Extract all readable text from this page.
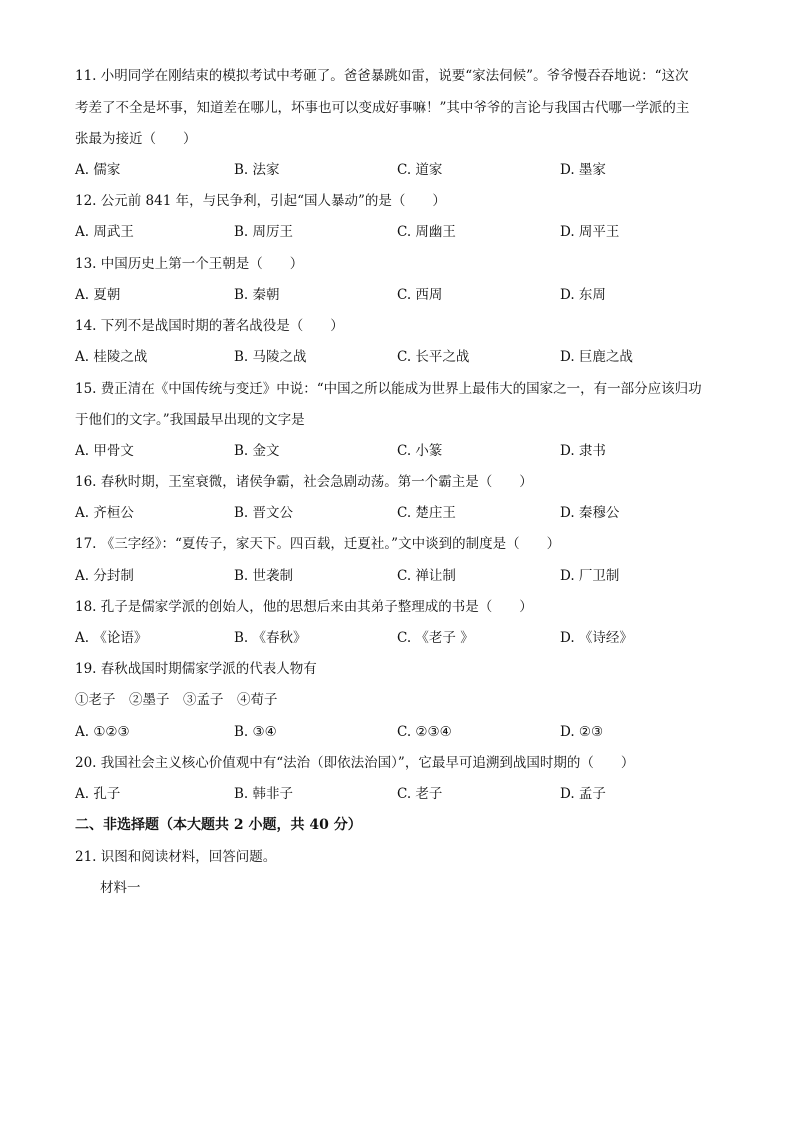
11. 小明同学在刚结束的模拟考试中考砸了。爸爸暴跳如雷，说要“家法伺候”。爷爷慢吞吞地说：“这次
考差了不全是坏事，知道差在哪儿，坏事也可以变成好事嘛！”其中爷爷的言论与我国古代哪一学派的主
张最为接近（　　）
A. 儒家	B. 法家	C. 道家	D. 墨家
12. 公元前 841 年，与民争利，引起“国人暴动”的是（　　）
A. 周武王	B. 周厉王	C. 周幽王	D. 周平王
13. 中国历史上第一个王朝是（　　）
A. 夏朝	B. 秦朝	C. 西周	D. 东周
14. 下列不是战国时期的著名战役是（　　）
A. 桂陵之战	B. 马陵之战	C. 长平之战	D. 巨鹿之战
15. 费正清在《中国传统与变迁》中说：“中国之所以能成为世界上最伟大的国家之一，有一部分应该归功
于他们的文字。”我国最早出现的文字是
A. 甲骨文	B. 金文	C. 小篆	D. 隶书
16. 春秋时期，王室衰微，诸侯争霸，社会急剧动荡。第一个霸主是（　　）
A. 齐桓公	B. 晋文公	C. 楚庄王	D. 秦穆公
17. 《三字经》：“夏传子，家天下。四百载，迁夏社。”文中谈到的制度是（　　）
A. 分封制	B. 世袭制	C. 禅让制	D. 厂卫制
18. 孔子是儒家学派的创始人，他的思想后来由其弟子整理成的书是（　　）
A. 《论语》	B. 《春秋》	C. 《老子 》	D. 《诗经》
19. 春秋战国时期儒家学派的代表人物有
①老子　②墨子　③孟子　④荀子
A. ①②③	B. ③④	C. ②③④	D. ②③
20. 我国社会主义核心价值观中有“法治（即依法治国）”，它最早可追溯到战国时期的（　　）
A. 孔子	B. 韩非子	C. 老子	D. 孟子
二、非选择题（本大题共 2 小题，共 40 分）
21. 识图和阅读材料，回答问题。
材料一
